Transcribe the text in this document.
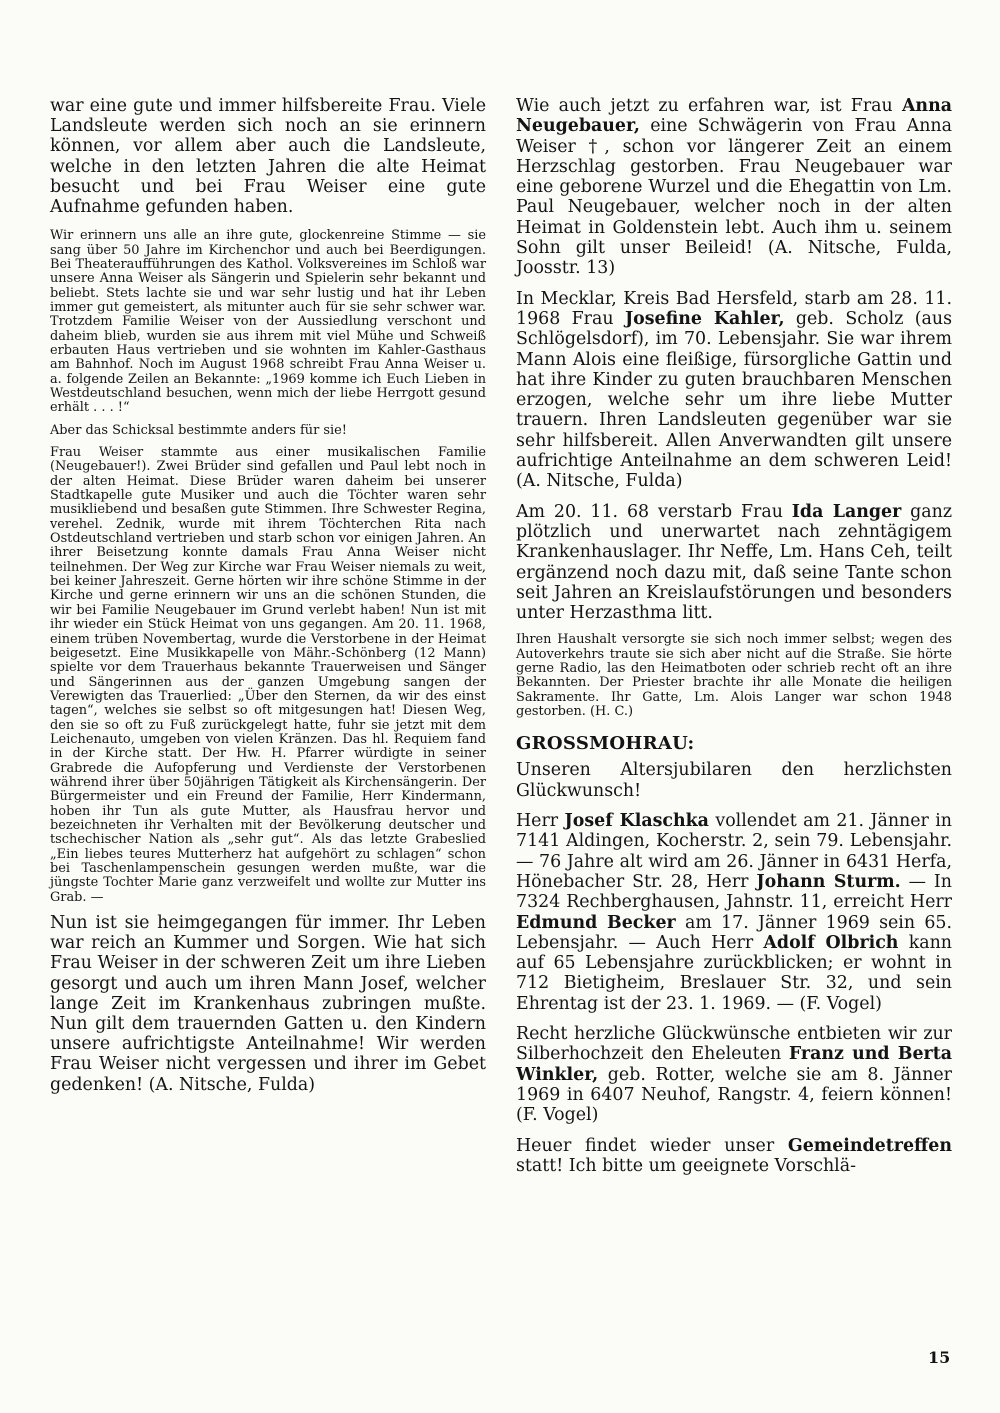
war eine gute und immer hilfsbereite Frau. Viele Landsleute werden sich noch an sie erinnern können, vor allem aber auch die Landsleute, welche in den letzten Jahren die alte Heimat besucht und bei Frau Weiser eine gute Aufnahme gefunden haben.

Wir erinnern uns alle an ihre gute, glockenreine Stimme — sie sang über 50 Jahre im Kirchenchor und auch bei Beerdigungen. Bei Theateraufführungen des Kathol. Volksvereines im Schloß war unsere Anna Weiser als Sängerin und Spielerin sehr bekannt und beliebt. Stets lachte sie und war sehr lustig und hat ihr Leben immer gut gemeistert, als mitunter auch für sie sehr schwer war. Trotzdem Familie Weiser von der Aussiedlung verschont und daheim blieb, wurden sie aus ihrem mit viel Mühe und Schweiß erbauten Haus vertrieben und sie wohnten im Kahler-Gasthaus am Bahnhof. Noch im August 1968 schreibt Frau Anna Weiser u. a. folgende Zeilen an Bekannte: „1969 komme ich Euch Lieben in Westdeutschland besuchen, wenn mich der liebe Herrgott gesund erhält . . . !“

Aber das Schicksal bestimmte anders für sie!

Frau Weiser stammte aus einer musikalischen Familie (Neugebauer!). Zwei Brüder sind gefallen und Paul lebt noch in der alten Heimat. Diese Brüder waren daheim bei unserer Stadtkapelle gute Musiker und auch die Töchter waren sehr musikliebend und besaßen gute Stimmen. Ihre Schwester Regina, verehel. Zednik, wurde mit ihrem Töchterchen Rita nach Ostdeutschland vertrieben und starb schon vor einigen Jahren. An ihrer Beisetzung konnte damals Frau Anna Weiser nicht teilnehmen. Der Weg zur Kirche war Frau Weiser niemals zu weit, bei keiner Jahreszeit. Gerne hörten wir ihre schöne Stimme in der Kirche und gerne erinnern wir uns an die schönen Stunden, die wir bei Familie Neugebauer im Grund verlebt haben! Nun ist mit ihr wieder ein Stück Heimat von uns gegangen. Am 20. 11. 1968, einem trüben Novembertag, wurde die Verstorbene in der Heimat beigesetzt. Eine Musikkapelle von Mähr.-Schönberg (12 Mann) spielte vor dem Trauerhaus bekannte Trauerweisen und Sänger und Sängerinnen aus der ganzen Umgebung sangen der Verewigten das Trauerlied: „Über den Sternen, da wir des einst tagen“, welches sie selbst so oft mitgesungen hat! Diesen Weg, den sie so oft zu Fuß zurückgelegt hatte, fuhr sie jetzt mit dem Leichenauto, umgeben von vielen Kränzen. Das hl. Requiem fand in der Kirche statt. Der Hw. H. Pfarrer würdigte in seiner Grabrede die Aufopferung und Verdienste der Verstorbenen während ihrer über 50jährigen Tätigkeit als Kirchensängerin. Der Bürgermeister und ein Freund der Familie, Herr Kindermann, hoben ihr Tun als gute Mutter, als Hausfrau hervor und bezeichneten ihr Verhalten mit der Bevölkerung deutscher und tschechischer Nation als „sehr gut“. Als das letzte Grabeslied „Ein liebes teures Mutterherz hat aufgehört zu schlagen“ schon bei Taschenlampenschein gesungen werden mußte, war die jüngste Tochter Marie ganz verzweifelt und wollte zur Mutter ins Grab. —

Nun ist sie heimgegangen für immer. Ihr Leben war reich an Kummer und Sorgen. Wie hat sich Frau Weiser in der schweren Zeit um ihre Lieben gesorgt und auch um ihren Mann Josef, welcher lange Zeit im Krankenhaus zubringen mußte. Nun gilt dem trauernden Gatten u. den Kindern unsere aufrichtigste Anteilnahme! Wir werden Frau Weiser nicht vergessen und ihrer im Gebet gedenken! (A. Nitsche, Fulda)

Wie auch jetzt zu erfahren war, ist Frau Anna Neugebauer, eine Schwägerin von Frau Anna Weiser †, schon vor längerer Zeit an einem Herzschlag gestorben. Frau Neugebauer war eine geborene Wurzel und die Ehegattin von Lm. Paul Neugebauer, welcher noch in der alten Heimat in Goldenstein lebt. Auch ihm u. seinem Sohn gilt unser Beileid! (A. Nitsche, Fulda, Joosstr. 13)

In Mecklar, Kreis Bad Hersfeld, starb am 28. 11. 1968 Frau Josefine Kahler, geb. Scholz (aus Schlögelsdorf), im 70. Lebensjahr. Sie war ihrem Mann Alois eine fleißige, fürsorgliche Gattin und hat ihre Kinder zu guten brauchbaren Menschen erzogen, welche sehr um ihre liebe Mutter trauern. Ihren Landsleuten gegenüber war sie sehr hilfsbereit. Allen Anverwandten gilt unsere aufrichtige Anteilnahme an dem schweren Leid! (A. Nitsche, Fulda)

Am 20. 11. 68 verstarb Frau Ida Langer ganz plötzlich und unerwartet nach zehntägigem Krankenhauslager. Ihr Neffe, Lm. Hans Ceh, teilt ergänzend noch dazu mit, daß seine Tante schon seit Jahren an Kreislaufstörungen und besonders unter Herzasthma litt.

Ihren Haushalt versorgte sie sich noch immer selbst; wegen des Autoverkehrs traute sie sich aber nicht auf die Straße. Sie hörte gerne Radio, las den Heimatboten oder schrieb recht oft an ihre Bekannten. Der Priester brachte ihr alle Monate die heiligen Sakramente. Ihr Gatte, Lm. Alois Langer war schon 1948 gestorben. (H. C.)

GROSSMOHRAU:

Unseren Altersjubilaren den herzlichsten Glückwunsch!

Herr Josef Klaschka vollendet am 21. Jänner in 7141 Aldingen, Kocherstr. 2, sein 79. Lebensjahr. — 76 Jahre alt wird am 26. Jänner in 6431 Herfa, Hönebacher Str. 28, Herr Johann Sturm. — In 7324 Rechberghausen, Jahnstr. 11, erreicht Herr Edmund Becker am 17. Jänner 1969 sein 65. Lebensjahr. — Auch Herr Adolf Olbrich kann auf 65 Lebensjahre zurückblicken; er wohnt in 712 Bietigheim, Breslauer Str. 32, und sein Ehrentag ist der 23. 1. 1969. — (F. Vogel)

Recht herzliche Glückwünsche entbieten wir zur Silberhochzeit den Eheleuten Franz und Berta Winkler, geb. Rotter, welche sie am 8. Jänner 1969 in 6407 Neuhof, Rangstr. 4, feiern können! (F. Vogel)

Heuer findet wieder unser Gemeindetreffen statt! Ich bitte um geeignete Vorschlä-

15
